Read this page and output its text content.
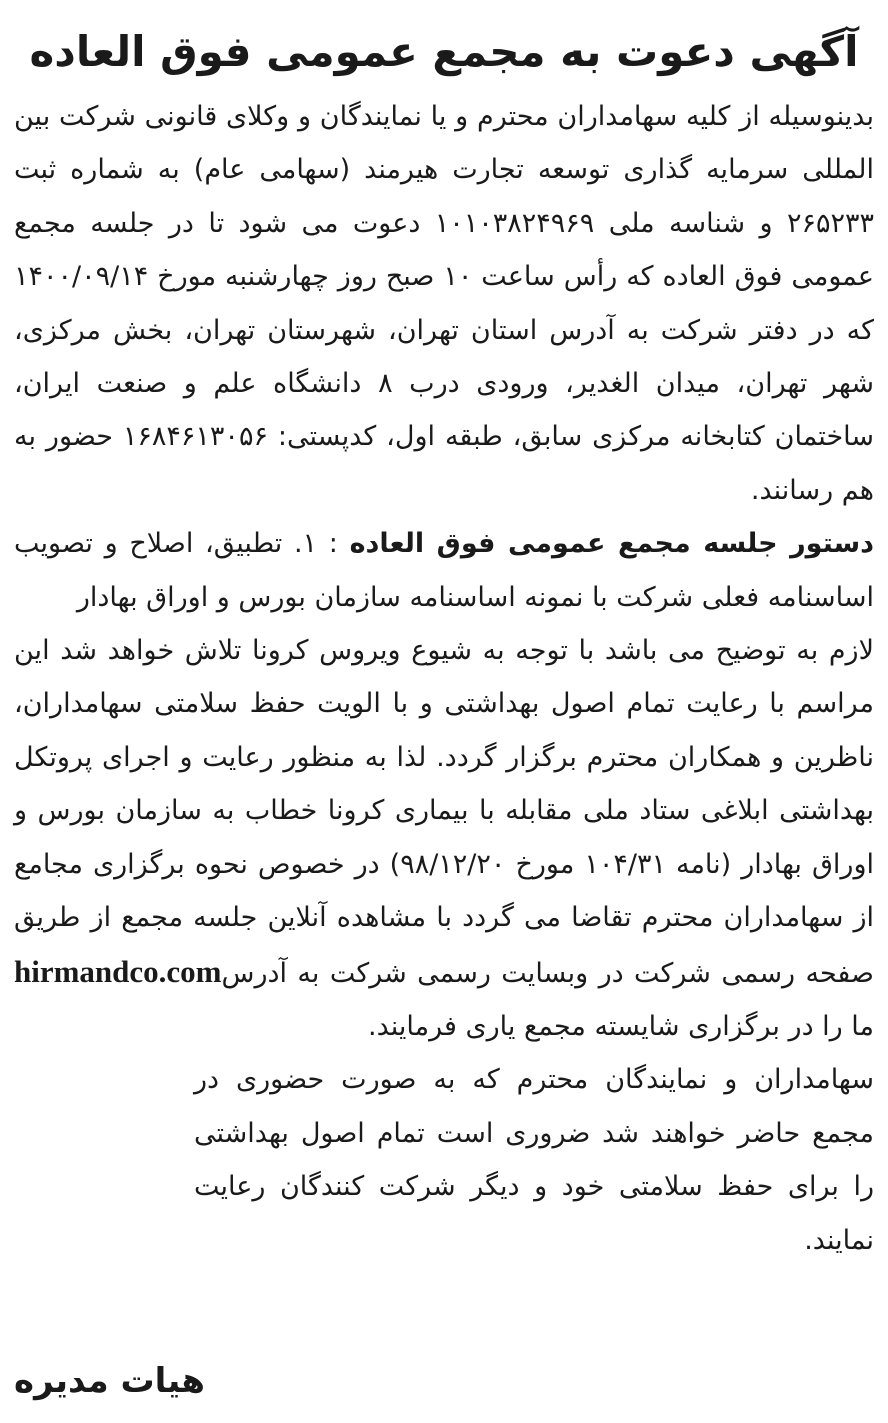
آگهی دعوت به مجمع عمومی فوق العاده

بدینوسیله از کلیه سهامداران محترم و یا نمایندگان و وکلای قانونی شرکت بین المللی سرمایه گذاری توسعه تجارت هیرمند (سهامی عام) به شماره ثبت ۲۶۵۲۳۳ و شناسه ملی ۱۰۱۰۳۸۲۴۹۶۹ دعوت می شود تا در جلسه مجمع عمومی فوق العاده که رأس ساعت ۱۰ صبح روز چهارشنبه مورخ ۱۴۰۰/۰۹/۱۴ که در دفتر شرکت به آدرس استان تهران، شهرستان تهران، بخش مرکزی، شهر تهران، میدان الغدیر، ورودی درب ۸ دانشگاه علم و صنعت ایران، ساختمان کتابخانه مرکزی سابق، طبقه اول، کدپستی: ۱۶۸۴۶۱۳۰۵۶ حضور به هم رسانند.

دستور جلسه مجمع عمومی فوق العاده : ۱. تطبیق، اصلاح و تصویب اساسنامه فعلی شرکت با نمونه اساسنامه سازمان بورس و اوراق بهادار

لازم به توضیح می باشد با توجه به شیوع ویروس کرونا تلاش خواهد شد این مراسم با رعایت تمام اصول بهداشتی و با الویت حفظ سلامتی سهامداران، ناظرین و همکاران محترم برگزار گردد. لذا به منظور رعایت و اجرای پروتکل بهداشتی ابلاغی ستاد ملی مقابله با بیماری کرونا خطاب به سازمان بورس و اوراق بهادار (نامه ۱۰۴/۳۱ مورخ ۹۸/۱۲/۲۰) در خصوص نحوه برگزاری مجامع از سهامداران محترم تقاضا می گردد با مشاهده آنلاین جلسه مجمع از طریق صفحه رسمی شرکت در وبسایت رسمی شرکت به آدرسhirmandco.com ما را در برگزاری شایسته مجمع یاری فرمایند.

سهامداران و نمایندگان محترم که به صورت حضوری در مجمع حاضر خواهند شد ضروری است تمام اصول بهداشتی را برای حفظ سلامتی خود و دیگر شرکت کنندگان رعایت نمایند.

هیات مدیره
